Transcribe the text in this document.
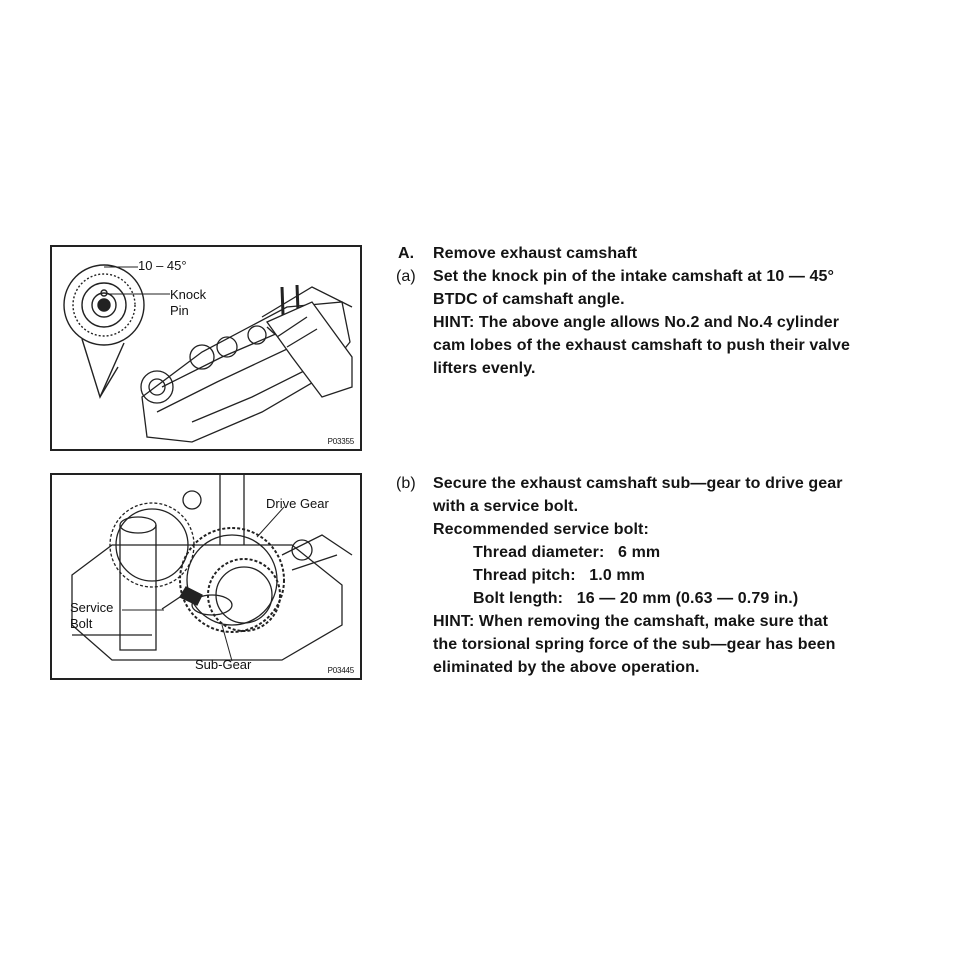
10 – 45°
Knock
Pin
P03355
Drive Gear
Service
Bolt
Sub-Gear	P03445
A. Remove exhaust camshaft
(a) Set the knock pin of the intake camshaft at 10 — 45°
BTDC of camshaft angle.
HINT: The above angle allows No.2 and No.4 cylinder
cam lobes of the exhaust camshaft to push their valve
lifters evenly.
(b) Secure the exhaust camshaft sub—gear to drive gear
with a service bolt.
Recommended service bolt:
Thread diameter:   6 mm
Thread pitch:   1.0 mm
Bolt length:   16 — 20 mm (0.63 — 0.79 in.)
HINT: When removing the camshaft, make sure that
the torsional spring force of the sub—gear has been
eliminated by the above operation.
